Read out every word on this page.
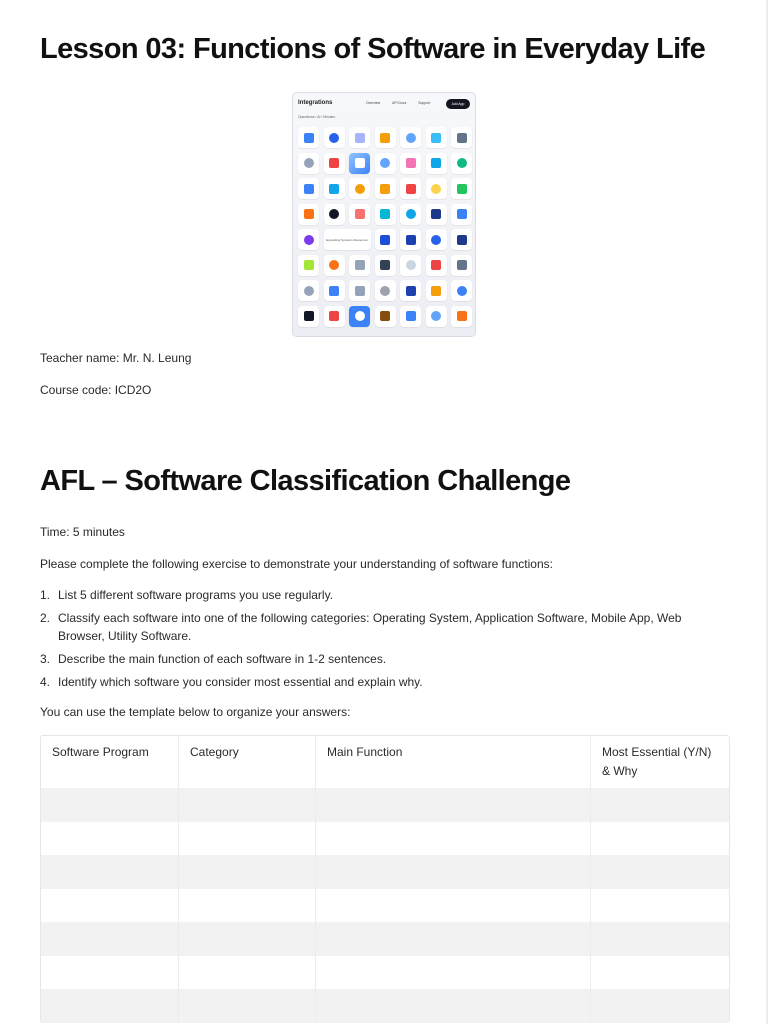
Lesson 03: Functions of Software in Everyday Life
Integrations	Overview	API Docs	Support	Add App
Operations / AI / Minutes
Expanding Systems Resources

Teacher name: Mr. N. Leung

Course code: ICD2O

AFL – Software Classification Challenge

Time: 5 minutes

Please complete the following exercise to demonstrate your understanding of software functions:

1. List 5 different software programs you use regularly.
2. Classify each software into one of the following categories: Operating System, Application Software, Mobile App, Web Browser, Utility Software.
3. Describe the main function of each software in 1-2 sentences.
4. Identify which software you consider most essential and explain why.

You can use the template below to organize your answers:

Software Program	Category	Main Function	Most Essential (Y/N) & Why
